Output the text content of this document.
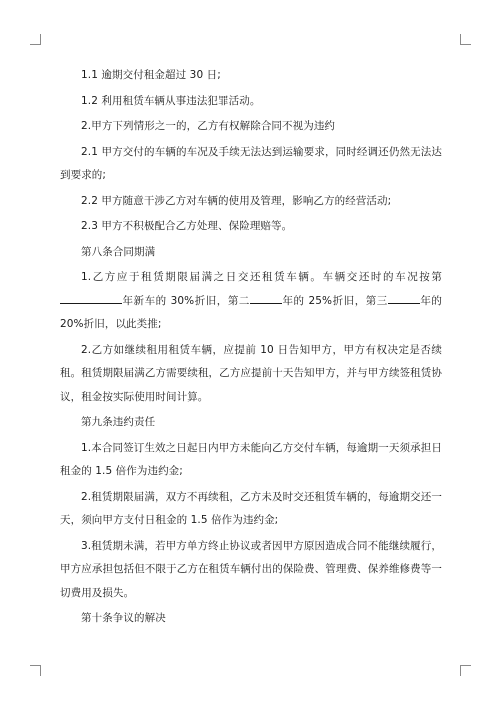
1.1 逾期交付租金超过 30 日;

1.2 利用租赁车辆从事违法犯罪活动。

2.甲方下列情形之一的，乙方有权解除合同不视为违约

2.1 甲方交付的车辆的车况及手续无法达到运输要求，同时经调还仍然无法达到要求的;

2.2 甲方随意干涉乙方对车辆的使用及管理，影响乙方的经营活动;

2.3 甲方不积极配合乙方处理、保险理赔等。

第八条合同期满

1.乙方应于租赁期限届满之日交还租赁车辆。车辆交还时的车况按第年新车的 30%折旧，第二	年的 25%折旧，第三	年的 20%折旧，以此类推;

2.乙方如继续租用租赁车辆，应提前 10 日告知甲方，甲方有权决定是否续租。租赁期限届满乙方需要续租，乙方应提前十天告知甲方，并与甲方续签租赁协议，租金按实际使用时间计算。

第九条违约责任

1.本合同签订生效之日起日内甲方未能向乙方交付车辆，每逾期一天须承担日租金的 1.5 倍作为违约金;

2.租赁期限届满，双方不再续租，乙方未及时交还租赁车辆的，每逾期交还一天，须向甲方支付日租金的 1.5 倍作为违约金;

3.租赁期未满，若甲方单方终止协议或者因甲方原因造成合同不能继续履行，甲方应承担包括但不限于乙方在租赁车辆付出的保险费、管理费、保养维修费等一切费用及损失。

第十条争议的解决
